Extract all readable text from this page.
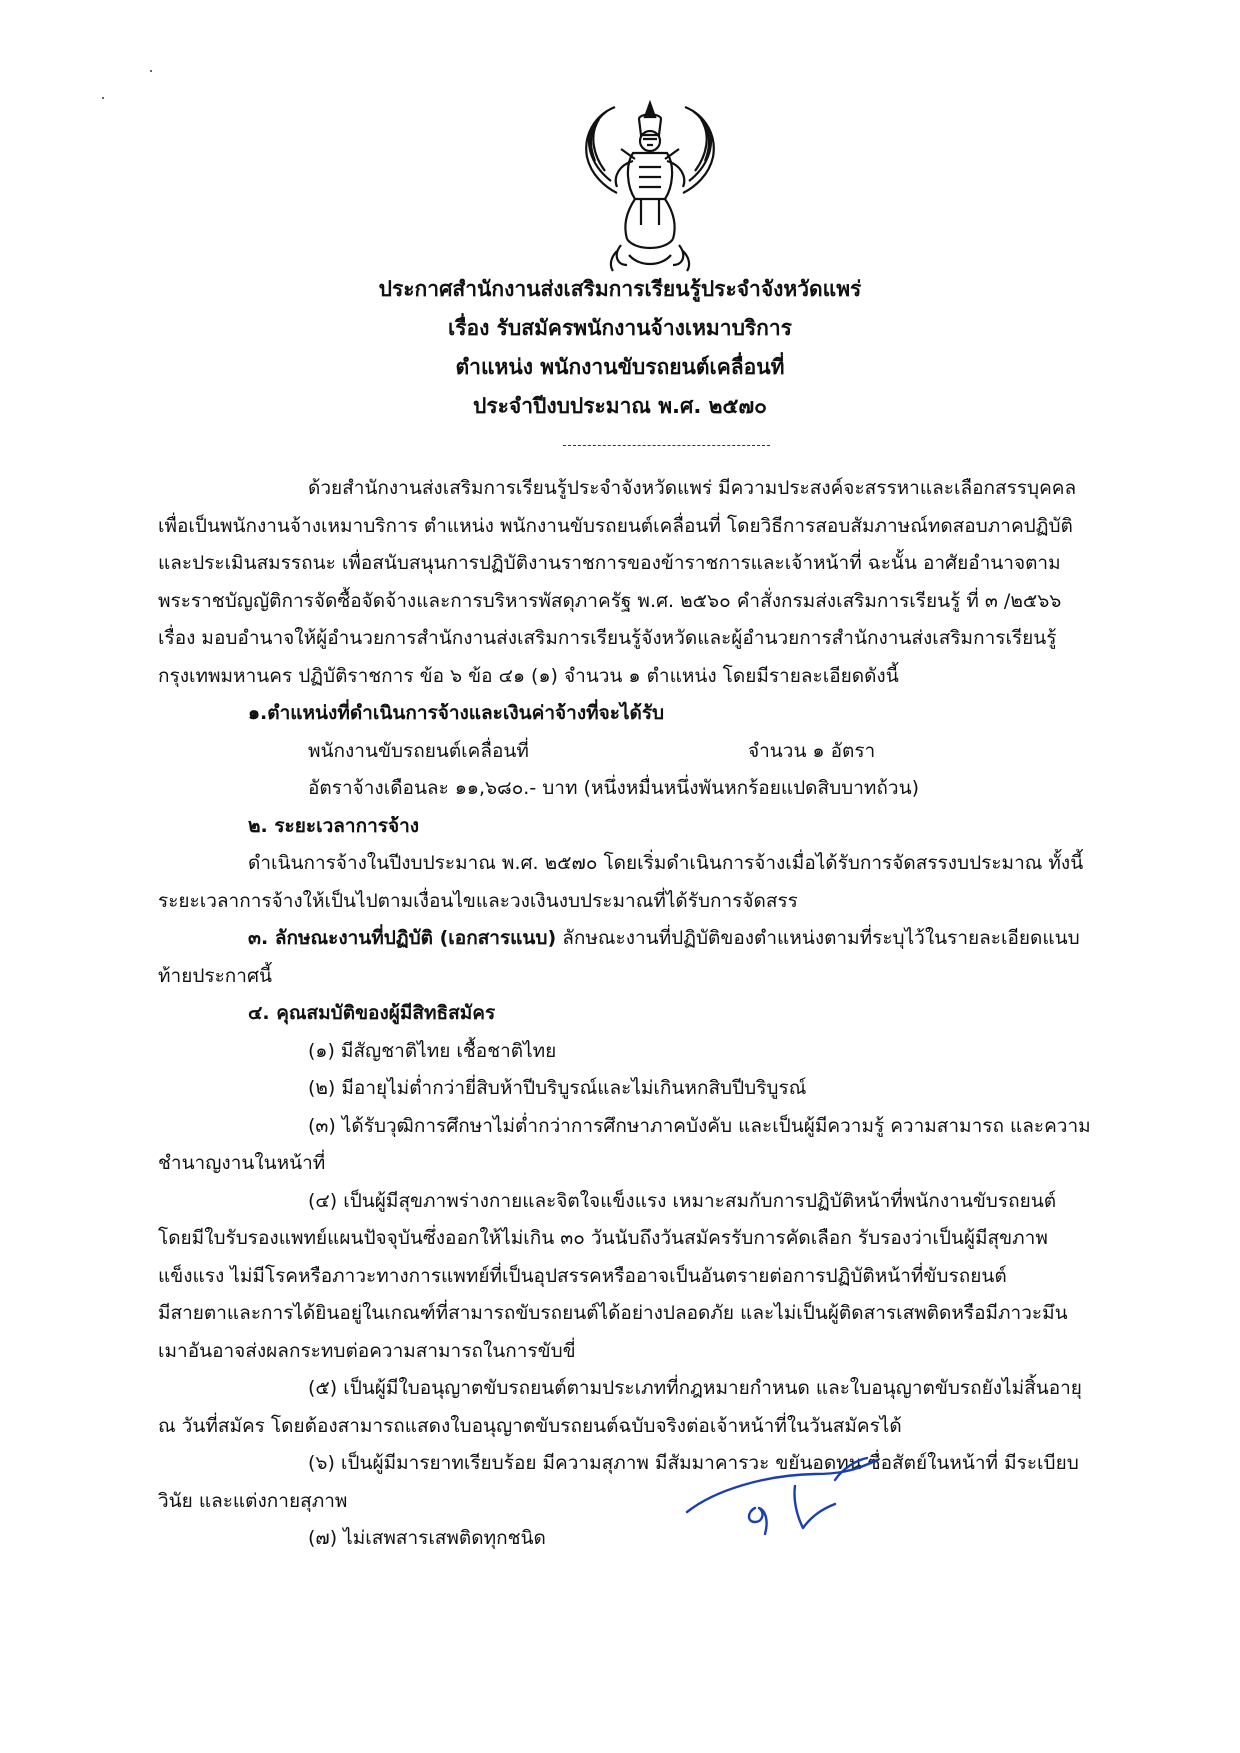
ประกาศสำนักงานส่งเสริมการเรียนรู้ประจำจังหวัดแพร่
เรื่อง รับสมัครพนักงานจ้างเหมาบริการ
ตำแหน่ง พนักงานขับรถยนต์เคลื่อนที่
ประจำปีงบประมาณ พ.ศ. ๒๕๗๐
ด้วยสำนักงานส่งเสริมการเรียนรู้ประจำจังหวัดแพร่ มีความประสงค์จะสรรหาและเลือกสรรบุคคล
เพื่อเป็นพนักงานจ้างเหมาบริการ ตำแหน่ง พนักงานขับรถยนต์เคลื่อนที่ โดยวิธีการสอบสัมภาษณ์ทดสอบภาคปฏิบัติ
และประเมินสมรรถนะ เพื่อสนับสนุนการปฏิบัติงานราชการของข้าราชการและเจ้าหน้าที่ ฉะนั้น อาศัยอำนาจตาม
พระราชบัญญัติการจัดซื้อจัดจ้างและการบริหารพัสดุภาครัฐ พ.ศ. ๒๕๖๐ คำสั่งกรมส่งเสริมการเรียนรู้ ที่ ๓ /๒๕๖๖
เรื่อง มอบอำนาจให้ผู้อำนวยการสำนักงานส่งเสริมการเรียนรู้จังหวัดและผู้อำนวยการสำนักงานส่งเสริมการเรียนรู้
กรุงเทพมหานคร ปฏิบัติราชการ ข้อ ๖ ข้อ ๔๑ (๑) จำนวน ๑ ตำแหน่ง โดยมีรายละเอียดดังนี้
๑.ตำแหน่งที่ดำเนินการจ้างและเงินค่าจ้างที่จะได้รับ
พนักงานขับรถยนต์เคลื่อนที่	จำนวน ๑ อัตรา
อัตราจ้างเดือนละ ๑๑,๖๘๐.- บาท (หนึ่งหมื่นหนึ่งพันหกร้อยแปดสิบบาทถ้วน)
๒. ระยะเวลาการจ้าง
ดำเนินการจ้างในปีงบประมาณ พ.ศ. ๒๕๗๐ โดยเริ่มดำเนินการจ้างเมื่อได้รับการจัดสรรงบประมาณ ทั้งนี้
ระยะเวลาการจ้างให้เป็นไปตามเงื่อนไขและวงเงินงบประมาณที่ได้รับการจัดสรร
๓. ลักษณะงานที่ปฏิบัติ (เอกสารแนบ) ลักษณะงานที่ปฏิบัติของตำแหน่งตามที่ระบุไว้ในรายละเอียดแนบ
ท้ายประกาศนี้
๔. คุณสมบัติของผู้มีสิทธิสมัคร
(๑) มีสัญชาติไทย เชื้อชาติไทย
(๒) มีอายุไม่ต่ำกว่ายี่สิบห้าปีบริบูรณ์และไม่เกินหกสิบปีบริบูรณ์
(๓) ได้รับวุฒิการศึกษาไม่ต่ำกว่าการศึกษาภาคบังคับ และเป็นผู้มีความรู้ ความสามารถ และความ
ชำนาญงานในหน้าที่
(๔) เป็นผู้มีสุขภาพร่างกายและจิตใจแข็งแรง เหมาะสมกับการปฏิบัติหน้าที่พนักงานขับรถยนต์
โดยมีใบรับรองแพทย์แผนปัจจุบันซึ่งออกให้ไม่เกิน ๓๐ วันนับถึงวันสมัครรับการคัดเลือก รับรองว่าเป็นผู้มีสุขภาพ
แข็งแรง ไม่มีโรคหรือภาวะทางการแพทย์ที่เป็นอุปสรรคหรืออาจเป็นอันตรายต่อการปฏิบัติหน้าที่ขับรถยนต์
มีสายตาและการได้ยินอยู่ในเกณฑ์ที่สามารถขับรถยนต์ได้อย่างปลอดภัย และไม่เป็นผู้ติดสารเสพติดหรือมีภาวะมึน
เมาอันอาจส่งผลกระทบต่อความสามารถในการขับขี่
(๕) เป็นผู้มีใบอนุญาตขับรถยนต์ตามประเภทที่กฎหมายกำหนด และใบอนุญาตขับรถยังไม่สิ้นอายุ
ณ วันที่สมัคร โดยต้องสามารถแสดงใบอนุญาตขับรถยนต์ฉบับจริงต่อเจ้าหน้าที่ในวันสมัครได้
(๖) เป็นผู้มีมารยาทเรียบร้อย มีความสุภาพ มีสัมมาคารวะ ขยันอดทน ซื่อสัตย์ในหน้าที่ มีระเบียบ
วินัย และแต่งกายสุภาพ
(๗) ไม่เสพสารเสพติดทุกชนิด
